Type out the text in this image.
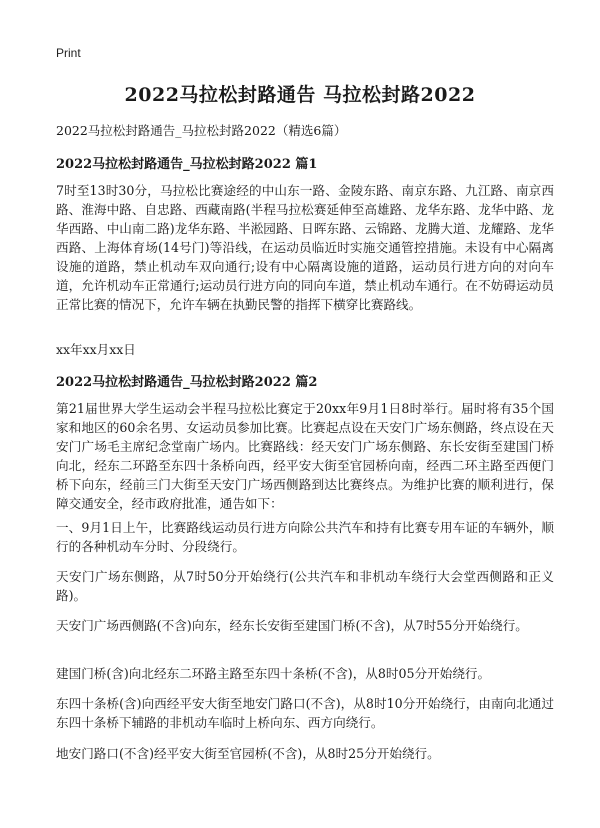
Print
2022马拉松封路通告 马拉松封路2022
2022马拉松封路通告_马拉松封路2022（精选6篇）
2022马拉松封路通告_马拉松封路2022 篇1
7时至13时30分，马拉松比赛途经的中山东一路、金陵东路、南京东路、九江路、南京西路、淮海中路、自忠路、西藏南路(半程马拉松赛延伸至高雄路、龙华东路、龙华中路、龙华西路、中山南二路)龙华东路、半淞园路、日晖东路、云锦路、龙腾大道、龙耀路、龙华西路、上海体育场(14号门)等沿线，在运动员临近时实施交通管控措施。未设有中心隔离设施的道路，禁止机动车双向通行;设有中心隔离设施的道路，运动员行进方向的对向车道，允许机动车正常通行;运动员行进方向的同向车道，禁止机动车通行。在不妨碍运动员正常比赛的情况下，允许车辆在执勤民警的指挥下横穿比赛路线。
xx年xx月xx日
2022马拉松封路通告_马拉松封路2022 篇2
第21届世界大学生运动会半程马拉松比赛定于20xx年9月1日8时举行。届时将有35个国家和地区的60余名男、女运动员参加比赛。比赛起点设在天安门广场东侧路，终点设在天安门广场毛主席纪念堂南广场内。比赛路线：经天安门广场东侧路、东长安街至建国门桥向北，经东二环路至东四十条桥向西，经平安大街至官园桥向南，经西二环主路至西便门桥下向东，经前三门大街至天安门广场西侧路到达比赛终点。为维护比赛的顺利进行，保障交通安全，经市政府批准，通告如下：
一、9月1日上午，比赛路线运动员行进方向除公共汽车和持有比赛专用车证的车辆外，顺行的各种机动车分时、分段绕行。
天安门广场东侧路，从7时50分开始绕行(公共汽车和非机动车绕行大会堂西侧路和正义路)。
天安门广场西侧路(不含)向东，经东长安街至建国门桥(不含)，从7时55分开始绕行。
建国门桥(含)向北经东二环路主路至东四十条桥(不含)，从8时05分开始绕行。
东四十条桥(含)向西经平安大街至地安门路口(不含)，从8时10分开始绕行，由南向北通过东四十条桥下辅路的非机动车临时上桥向东、西方向绕行。
地安门路口(不含)经平安大街至官园桥(不含)，从8时25分开始绕行。
